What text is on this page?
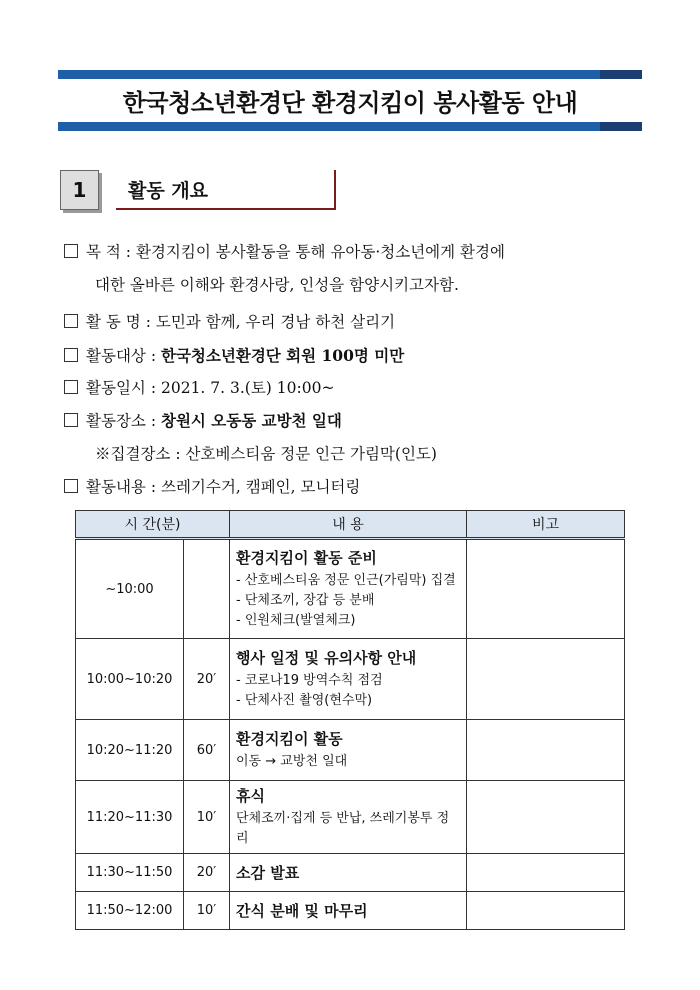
한국청소년환경단 환경지킴이 봉사활동 안내
1	활동 개요
목 적 : 환경지킴이 봉사활동을 통해 유아동·청소년에게 환경에
대한 올바른 이해와 환경사랑, 인성을 함양시키고자함.
활 동 명 : 도민과 함께, 우리 경남 하천 살리기
활동대상 : 한국청소년환경단 회원 100명 미만
활동일시 : 2021. 7. 3.(토) 10:00~
활동장소 : 창원시 오동동 교방천 일대
※집결장소 : 산호베스티움 정문 인근 가림막(인도)
활동내용 : 쓰레기수거, 캠페인, 모니터링
시 간(분)		내 용	비고
~10:00		환경지킴이 활동 준비
- 산호베스티움 정문 인근(가림막) 집결
- 단체조끼, 장갑 등 분배
- 인원체크(발열체크)	

10:00~10:20	20′	행사 일정 및 유의사항 안내
- 코로나19 방역수칙 점검
- 단체사진 촬영(현수막)	

10:20~11:20	60′	환경지킴이 활동
이동 → 교방천 일대	

11:20~11:30	10′	휴식
단체조끼·집게 등 반납, 쓰레기봉투 정리	

11:30~11:50	20′	소감 발표	

11:50~12:00	10′	간식 분배 및 마무리	
